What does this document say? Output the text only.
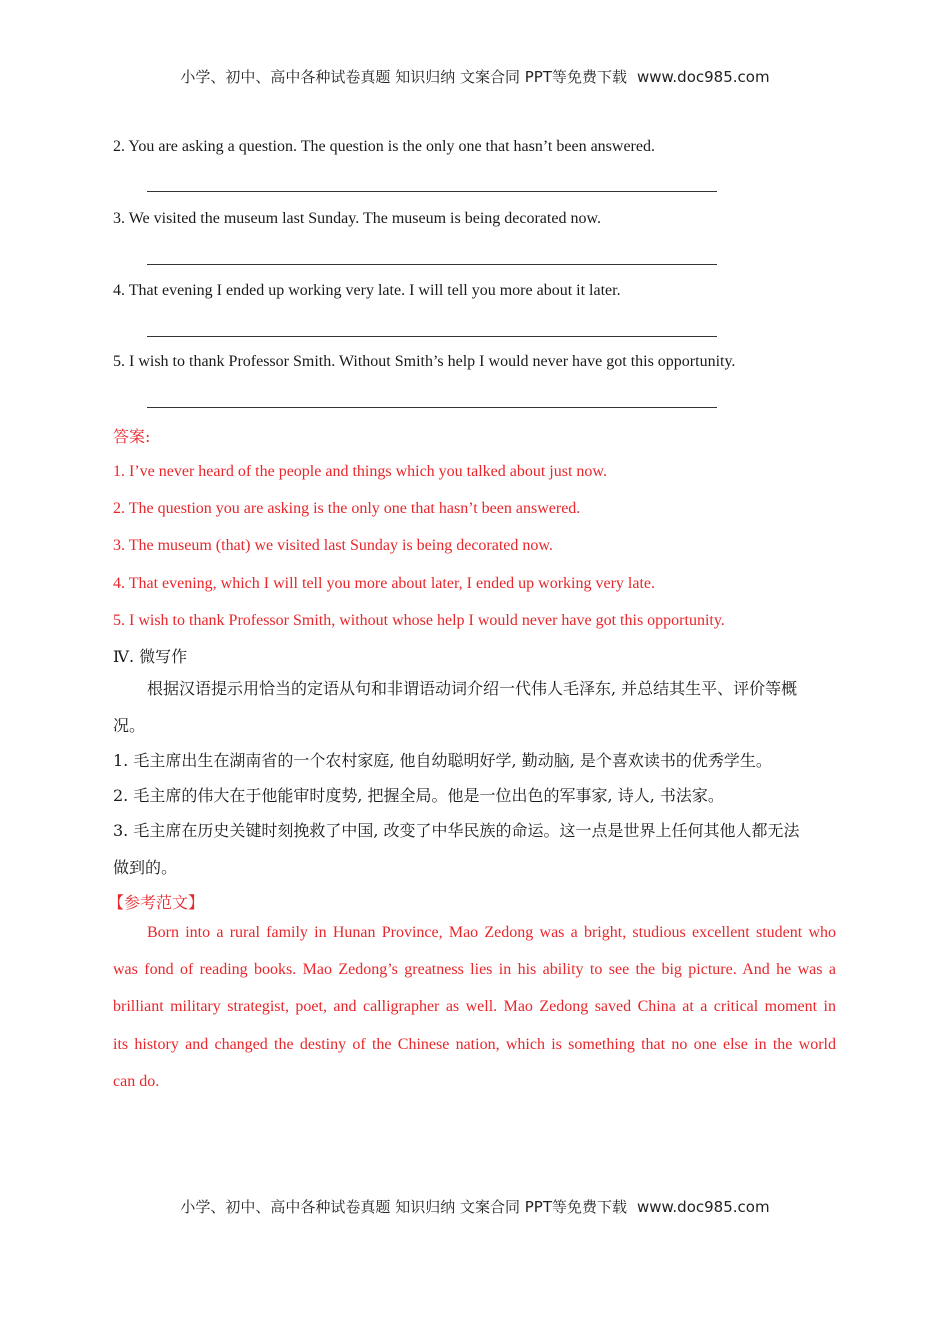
小学、初中、高中各种试卷真题 知识归纳 文案合同 PPT等免费下载 www.doc985.com
2. You are asking a question. The question is the only one that hasn’t been answered.
3. We visited the museum last Sunday. The museum is being decorated now.
4. That evening I ended up working very late. I will tell you more about it later.
5. I wish to thank Professor Smith. Without Smith’s help I would never have got this opportunity.
答案:
1. I’ve never heard of the people and things which you talked about just now.
2. The question you are asking is the only one that hasn’t been answered.
3. The museum (that) we visited last Sunday is being decorated now.
4. That evening, which I will tell you more about later, I ended up working very late.
5. I wish to thank Professor Smith, without whose help I would never have got this opportunity.
Ⅳ. 微写作
根据汉语提示用恰当的定语从句和非谓语动词介绍一代伟人毛泽东, 并总结其生平、评价等概
况。
1. 毛主席出生在湖南省的一个农村家庭, 他自幼聪明好学, 勤动脑, 是个喜欢读书的优秀学生。
2. 毛主席的伟大在于他能审时度势, 把握全局。他是一位出色的军事家, 诗人, 书法家。
3. 毛主席在历史关键时刻挽救了中国, 改变了中华民族的命运。这一点是世界上任何其他人都无法
做到的。
【参考范文】
Born into a rural family in Hunan Province, Mao Zedong was a bright, studious excellent student who
was fond of reading books. Mao Zedong’s greatness lies in his ability to see the big picture. And he was a
brilliant military strategist, poet, and calligrapher as well. Mao Zedong saved China at a critical moment in
its history and changed the destiny of the Chinese nation, which is something that no one else in the world
can do.
小学、初中、高中各种试卷真题 知识归纳 文案合同 PPT等免费下载 www.doc985.com
